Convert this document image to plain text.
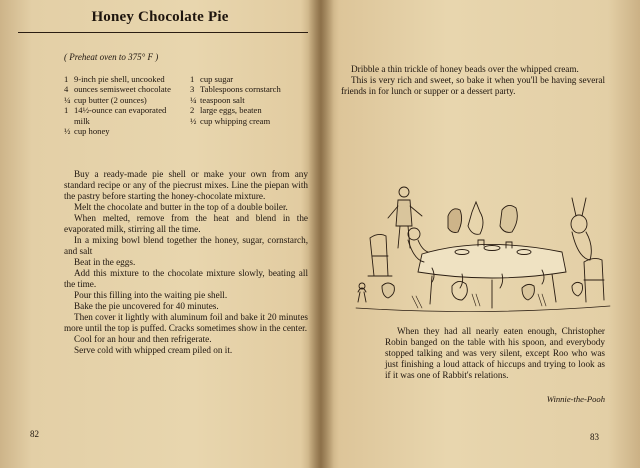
Honey Chocolate Pie
( Preheat oven to 375° F )
1 9-inch pie shell, uncooked
4 ounces semisweet chocolate
¼ cup butter (2 ounces)
1 14½-ounce can evaporated milk
½ cup honey
1 cup sugar
3 Tablespoons cornstarch
¼ teaspoon salt
2 large eggs, beaten
½ cup whipping cream

Buy a ready-made pie shell or make your own from any standard recipe or any of the piecrust mixes. Line the piepan with the pastry before starting the honey-chocolate mixture.

Melt the chocolate and butter in the top of a double boiler.

When melted, remove from the heat and blend in the evaporated milk, stirring all the time.

In a mixing bowl blend together the honey, sugar, cornstarch, and salt

Beat in the eggs.

Add this mixture to the chocolate mixture slowly, beating all the time.

Pour this filling into the waiting pie shell.

Bake the pie uncovered for 40 minutes.

Then cover it lightly with aluminum foil and bake it 20 minutes more until the top is puffed. Cracks sometimes show in the center.

Cool for an hour and then refrigerate.

Serve cold with whipped cream piled on it.

82

Dribble a thin trickle of honey beads over the whipped cream.

This is very rich and sweet, so bake it when you'll be having several friends in for lunch or supper or a dessert party.

When they had all nearly eaten enough, Christopher Robin banged on the table with his spoon, and everybody stopped talking and was very silent, except Roo who was just finishing a loud attack of hiccups and trying to look as if it was one of Rabbit's relations.

Winnie-the-Pooh
83
